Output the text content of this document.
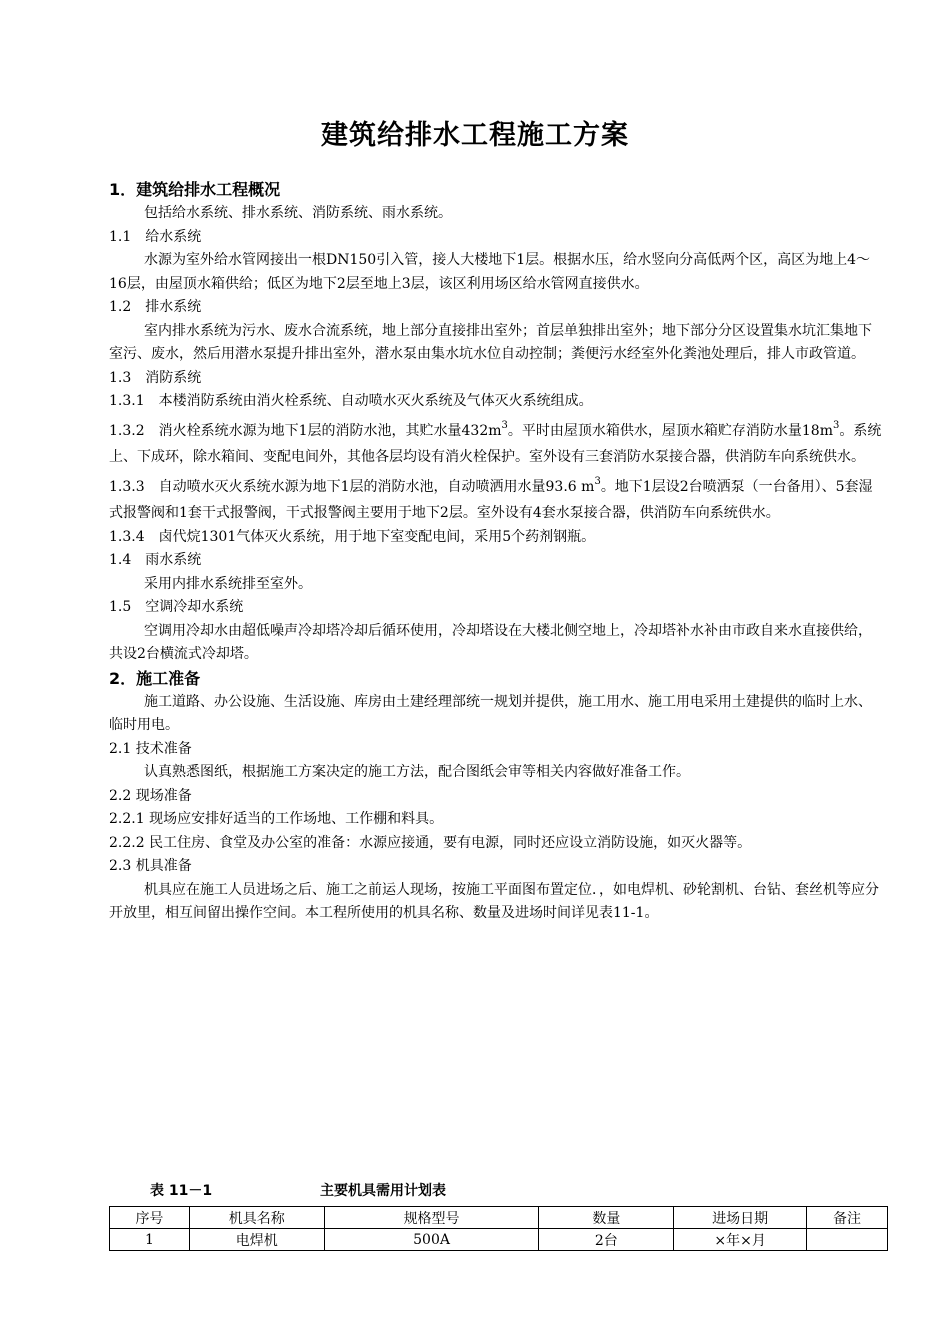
建筑给排水工程施工方案

1．建筑给排水工程概况

包括给水系统、排水系统、消防系统、雨水系统。

1.1　给水系统

水源为室外给水管网接出一根DN150引入管，接人大楼地下1层。根据水压，给水竖向分高低两个区，高区为地上4～16层，由屋顶水箱供给；低区为地下2层至地上3层，该区利用场区给水管网直接供水。

1.2　排水系统

室内排水系统为污水、废水合流系统，地上部分直接排出室外；首层单独排出室外；地下部分分区设置集水坑汇集地下室污、废水，然后用潜水泵提升排出室外，潜水泵由集水坑水位自动控制；粪便污水经室外化粪池处理后，排人市政管道。

1.3　消防系统

1.3.1　本楼消防系统由消火栓系统、自动喷水灭火系统及气体灭火系统组成。

1.3.2　消火栓系统水源为地下1层的消防水池，其贮水量$432m^3$。平时由屋顶水箱供水，屋顶水箱贮存消防水量$18m^3$。系统上、下成环，除水箱间、变配电间外，其他各层均设有消火栓保护。室外设有三套消防水泵接合器，供消防车向系统供水。

1.3.3　自动喷水灭火系统水源为地下1层的消防水池，自动喷洒用水量93.6 $m^3$。地下1层设2台喷洒泵（一台备用）、5套湿式报警阀和1套干式报警阀，干式报警阀主要用于地下2层。室外设有4套水泵接合器，供消防车向系统供水。

1.3.4　卤代烷1301气体灭火系统，用于地下室变配电间，采用5个药剂钢瓶。

1.4　雨水系统

采用内排水系统排至室外。

1.5　空调冷却水系统

空调用冷却水由超低噪声冷却塔冷却后循环使用，冷却塔设在大楼北侧空地上，冷却塔补水补由市政自来水直接供给，共设2台横流式冷却塔。

2．施工准备

施工道路、办公设施、生活设施、库房由土建经理部统一规划并提供，施工用水、施工用电采用土建提供的临时上水、临时用电。

2.1 技术准备

认真熟悉图纸，根据施工方案决定的施工方法，配合图纸会审等相关内容做好准备工作。

2.2 现场准备

2.2.1 现场应安排好适当的工作场地、工作棚和料具。

2.2.2 民工住房、食堂及办公室的准备：水源应接通，要有电源，同时还应设立消防设施，如灭火器等。

2.3 机具准备

机具应在施工人员进场之后、施工之前运人现场，按施工平面图布置定位．，如电焊机、砂轮割机、台钻、套丝机等应分开放里，相互间留出操作空间。本工程所使用的机具名称、数量及进场时间详见表11-1。

表 11－1	主要机具需用计划表
序号	机具名称	规格型号	数量	进场日期	备注
1	电焊机	500A	2台	×年×月	
